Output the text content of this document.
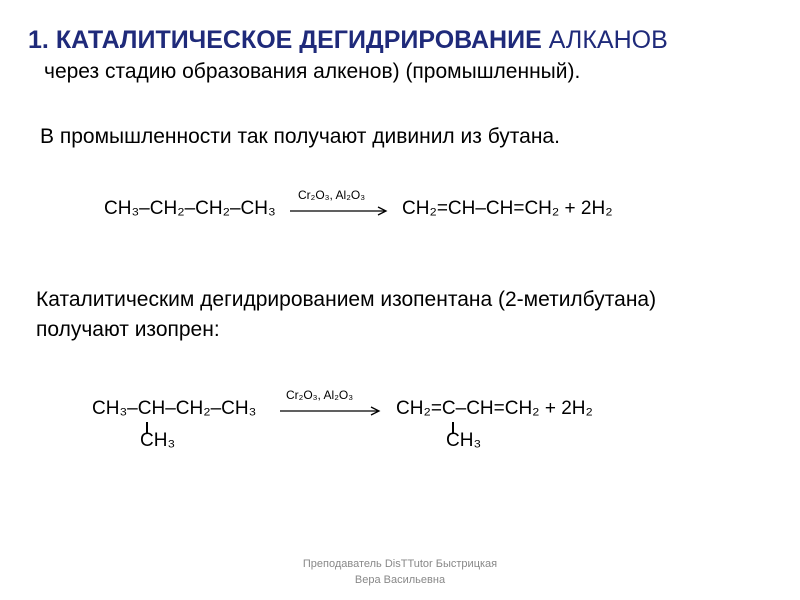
1. КАТАЛИТИЧЕСКОЕ ДЕГИДРИРОВАНИЕ АЛКАНОВ
через стадию образования алкенов) (промышленный).
В промышленности так получают дивинил из бутана.
Cr₂O₃, Al₂O₃
CH₃–CH₂–CH₂–CH₃	CH₂=CH–CH=CH₂ + 2H₂
Каталитическим дегидрированием изопентана (2-метилбутана)
получают изопрен:
Cr₂O₃, Al₂O₃
CH₃–CH–CH₂–CH₃
CH₃
CH₂=C–CH=CH₂ + 2H₂
CH₃
Преподаватель DisTTutor Быстрицкая
Вера Васильевна
